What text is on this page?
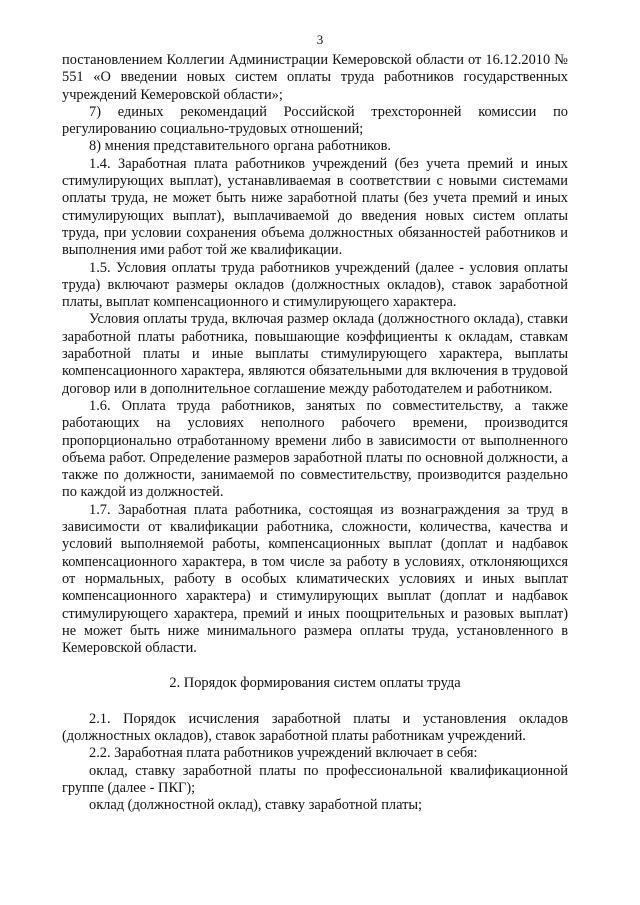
3

постановлением Коллегии Администрации Кемеровской области от 16.12.2010 № 551 «О введении новых систем оплаты труда работников государственных учреждений Кемеровской области»;

7) единых рекомендаций Российской трехсторонней комиссии по регулированию социально-трудовых отношений;

8) мнения представительного органа работников.

1.4. Заработная плата работников учреждений (без учета премий и иных стимулирующих выплат), устанавливаемая в соответствии с новыми системами оплаты труда, не может быть ниже заработной платы (без учета премий и иных стимулирующих выплат), выплачиваемой до введения новых систем оплаты труда, при условии сохранения объема должностных обязанностей работников и выполнения ими работ той же квалификации.

1.5. Условия оплаты труда работников учреждений (далее - условия оплаты труда) включают размеры окладов (должностных окладов), ставок заработной платы, выплат компенсационного и стимулирующего характера.

Условия оплаты труда, включая размер оклада (должностного оклада), ставки заработной платы работника, повышающие коэффициенты к окладам, ставкам заработной платы и иные выплаты стимулирующего характера, выплаты компенсационного характера, являются обязательными для включения в трудовой договор или в дополнительное соглашение между работодателем и работником.

1.6. Оплата труда работников, занятых по совместительству, а также работающих на условиях неполного рабочего времени, производится пропорционально отработанному времени либо в зависимости от выполненного объема работ. Определение размеров заработной платы по основной должности, а также по должности, занимаемой по совместительству, производится раздельно по каждой из должностей.

1.7. Заработная плата работника, состоящая из вознаграждения за труд в зависимости от квалификации работника, сложности, количества, качества и условий выполняемой работы, компенсационных выплат (доплат и надбавок компенсационного характера, в том числе за работу в условиях, отклоняющихся от нормальных, работу в особых климатических условиях и иных выплат компенсационного характера) и стимулирующих выплат (доплат и надбавок стимулирующего характера, премий и иных поощрительных и разовых выплат) не может быть ниже минимального размера оплаты труда, установленного в Кемеровской области.

2. Порядок формирования систем оплаты труда

2.1. Порядок исчисления заработной платы и установления окладов (должностных окладов), ставок заработной платы работникам учреждений.

2.2. Заработная плата работников учреждений включает в себя:

оклад, ставку заработной платы по профессиональной квалификационной группе (далее - ПКГ);

оклад (должностной оклад), ставку заработной платы;
